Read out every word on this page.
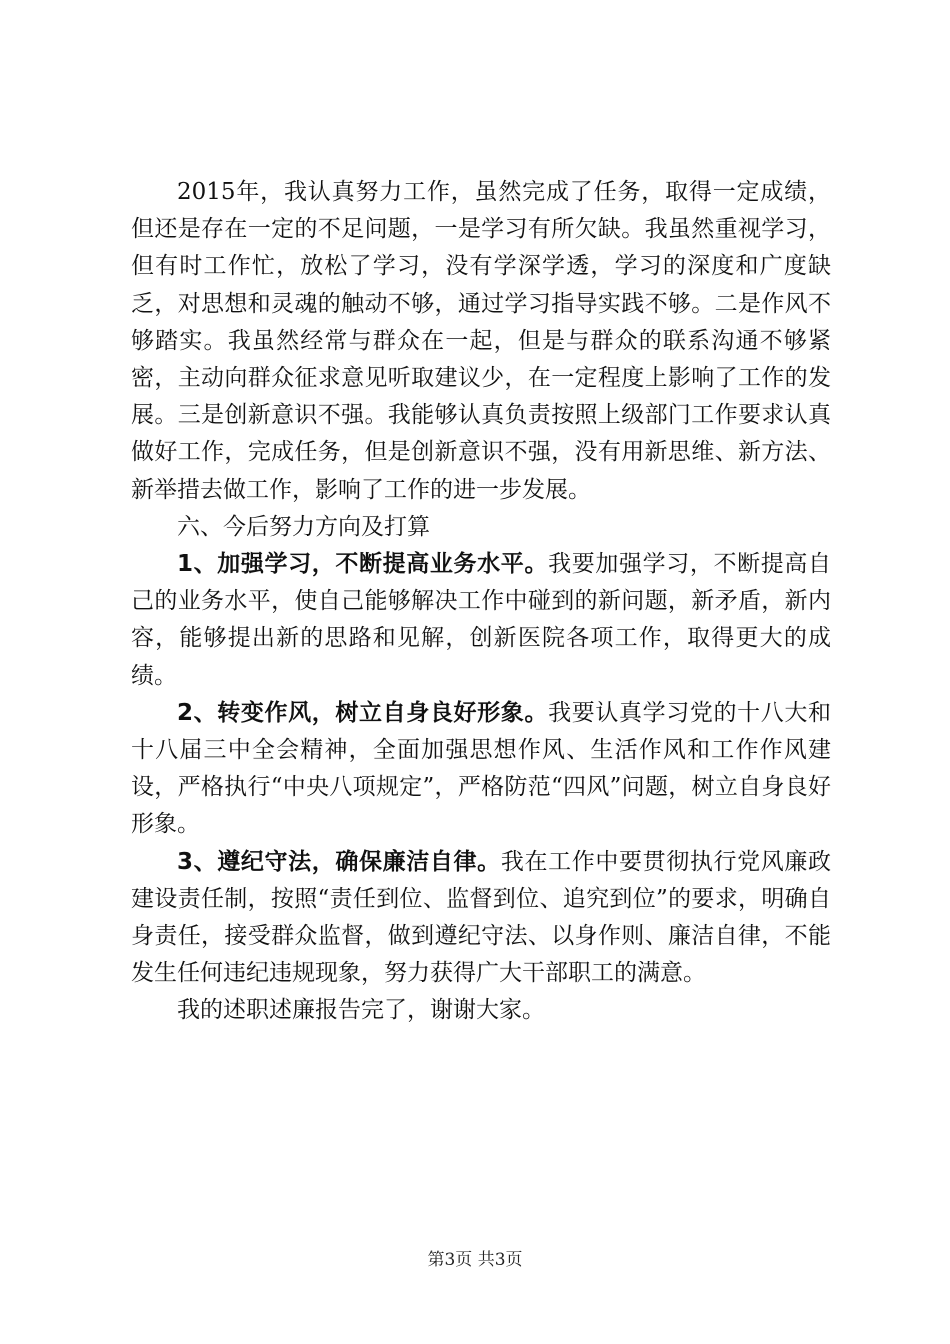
2015年，我认真努力工作，虽然完成了任务，取得一定成绩，但还是存在一定的不足问题，一是学习有所欠缺。我虽然重视学习，但有时工作忙，放松了学习，没有学深学透，学习的深度和广度缺乏，对思想和灵魂的触动不够，通过学习指导实践不够。二是作风不够踏实。我虽然经常与群众在一起，但是与群众的联系沟通不够紧密，主动向群众征求意见听取建议少，在一定程度上影响了工作的发展。三是创新意识不强。我能够认真负责按照上级部门工作要求认真做好工作，完成任务，但是创新意识不强，没有用新思维、新方法、新举措去做工作，影响了工作的进一步发展。

六、今后努力方向及打算

1、加强学习，不断提高业务水平。我要加强学习，不断提高自己的业务水平，使自己能够解决工作中碰到的新问题，新矛盾，新内容，能够提出新的思路和见解，创新医院各项工作，取得更大的成绩。

2、转变作风，树立自身良好形象。我要认真学习党的十八大和十八届三中全会精神，全面加强思想作风、生活作风和工作作风建设，严格执行“中央八项规定”，严格防范“四风”问题，树立自身良好形象。

3、遵纪守法，确保廉洁自律。我在工作中要贯彻执行党风廉政建设责任制，按照“责任到位、监督到位、追究到位”的要求，明确自身责任，接受群众监督，做到遵纪守法、以身作则、廉洁自律，不能发生任何违纪违规现象，努力获得广大干部职工的满意。

我的述职述廉报告完了，谢谢大家。

第3页 共3页
